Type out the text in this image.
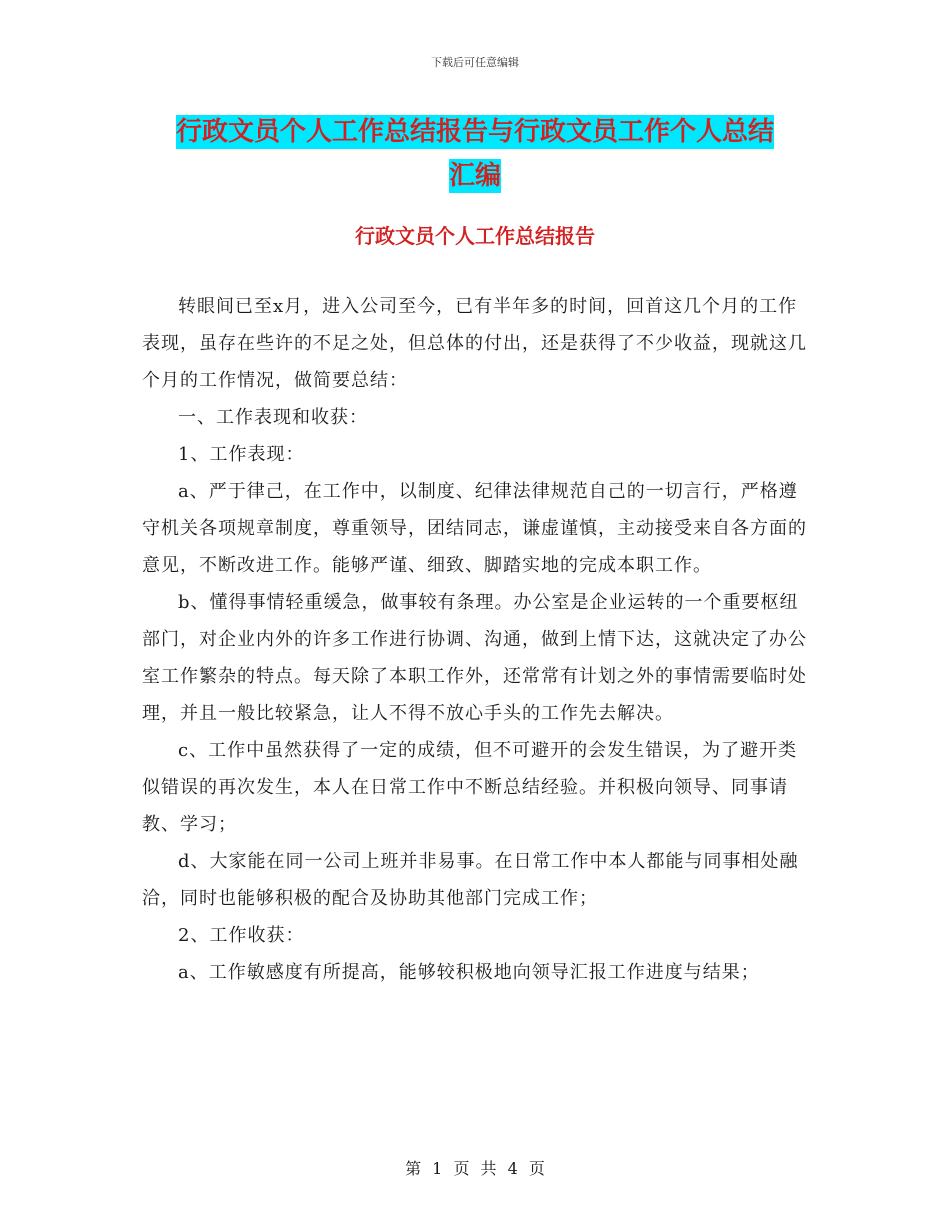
下载后可任意编辑
行政文员个人工作总结报告与行政文员工作个人总结
汇编
行政文员个人工作总结报告

转眼间已至x月，进入公司至今，已有半年多的时间，回首这几个月的工作表现，虽存在些许的不足之处，但总体的付出，还是获得了不少收益，现就这几个月的工作情况，做简要总结：

一、工作表现和收获：

1、工作表现：

a、严于律己，在工作中，以制度、纪律法律规范自己的一切言行，严格遵守机关各项规章制度，尊重领导，团结同志，谦虚谨慎，主动接受来自各方面的意见，不断改进工作。能够严谨、细致、脚踏实地的完成本职工作。

b、懂得事情轻重缓急，做事较有条理。办公室是企业运转的一个重要枢纽部门，对企业内外的许多工作进行协调、沟通，做到上情下达，这就决定了办公室工作繁杂的特点。每天除了本职工作外，还常常有计划之外的事情需要临时处理，并且一般比较紧急，让人不得不放心手头的工作先去解决。

c、工作中虽然获得了一定的成绩，但不可避开的会发生错误，为了避开类似错误的再次发生，本人在日常工作中不断总结经验。并积极向领导、同事请教、学习；

d、大家能在同一公司上班并非易事。在日常工作中本人都能与同事相处融洽，同时也能够积极的配合及协助其他部门完成工作；

2、工作收获：

a、工作敏感度有所提高，能够较积极地向领导汇报工作进度与结果；

第 1 页 共 4 页
